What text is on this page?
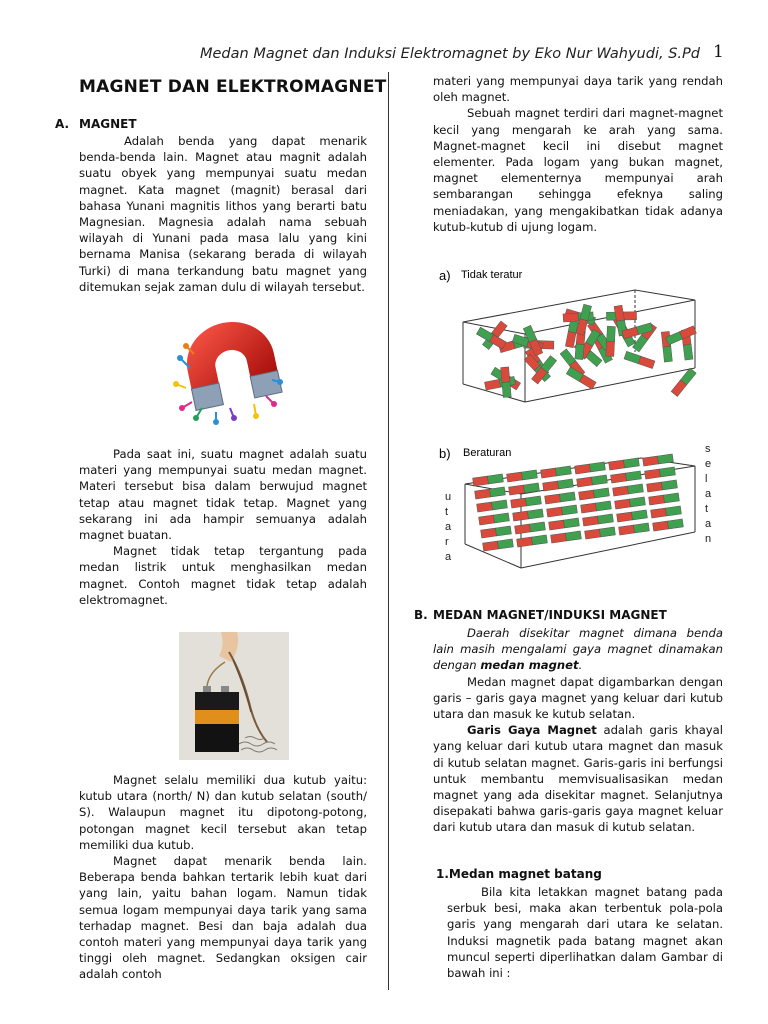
Medan Magnet dan Induksi Elektromagnet by Eko Nur Wahyudi, S.Pd 1
MAGNET DAN ELEKTROMAGNET
A. MAGNET

Adalah benda yang dapat menarik benda-benda lain. Magnet atau magnit adalah suatu obyek yang mempunyai suatu medan magnet. Kata magnet (magnit) berasal dari bahasa Yunani magnitis lithos yang berarti batu Magnesian. Magnesia adalah nama sebuah wilayah di Yunani pada masa lalu yang kini bernama Manisa (sekarang berada di wilayah Turki) di mana terkandung batu magnet yang ditemukan sejak zaman dulu di wilayah tersebut.

Pada saat ini, suatu magnet adalah suatu materi yang mempunyai suatu medan magnet. Materi tersebut bisa dalam berwujud magnet tetap atau magnet tidak tetap. Magnet yang sekarang ini ada hampir semuanya adalah magnet buatan.

Magnet tidak tetap tergantung pada medan listrik untuk menghasilkan medan magnet. Contoh magnet tidak tetap adalah elektromagnet.

Magnet selalu memiliki dua kutub yaitu: kutub utara (north/ N) dan kutub selatan (south/ S). Walaupun magnet itu dipotong-potong, potongan magnet kecil tersebut akan tetap memiliki dua kutub.

Magnet dapat menarik benda lain. Beberapa benda bahkan tertarik lebih kuat dari yang lain, yaitu bahan logam. Namun tidak semua logam mempunyai daya tarik yang sama terhadap magnet. Besi dan baja adalah dua contoh materi yang mempunyai daya tarik yang tinggi oleh magnet. Sedangkan oksigen cair adalah contoh

materi yang mempunyai daya tarik yang rendah oleh magnet.

Sebuah magnet terdiri dari magnet-magnet kecil yang mengarah ke arah yang sama. Magnet-magnet kecil ini disebut magnet elementer. Pada logam yang bukan magnet, magnet elementernya mempunyai arah sembarangan sehingga efeknya saling meniadakan, yang mengakibatkan tidak adanya kutub-kutub di ujung logam.

a) Tidak teratur
b) Beraturan
u
t
a
r
a
s
e
l
a
t
a
n
B. MEDAN MAGNET/INDUKSI MAGNET

Daerah disekitar magnet dimana benda lain masih mengalami gaya magnet dinamakan dengan medan magnet.

Medan magnet dapat digambarkan dengan garis – garis gaya magnet yang keluar dari kutub utara dan masuk ke kutub selatan.

Garis Gaya Magnet adalah garis khayal yang keluar dari kutub utara magnet dan masuk di kutub selatan magnet. Garis-garis ini berfungsi untuk membantu memvisualisasikan medan magnet yang ada disekitar magnet. Selanjutnya disepakati bahwa garis-garis gaya magnet keluar dari kutub utara dan masuk di kutub selatan.

1.Medan magnet batang

Bila kita letakkan magnet batang pada serbuk besi, maka akan terbentuk pola-pola garis yang mengarah dari utara ke selatan. Induksi magnetik pada batang magnet akan muncul seperti diperlihatkan dalam Gambar di bawah ini :
